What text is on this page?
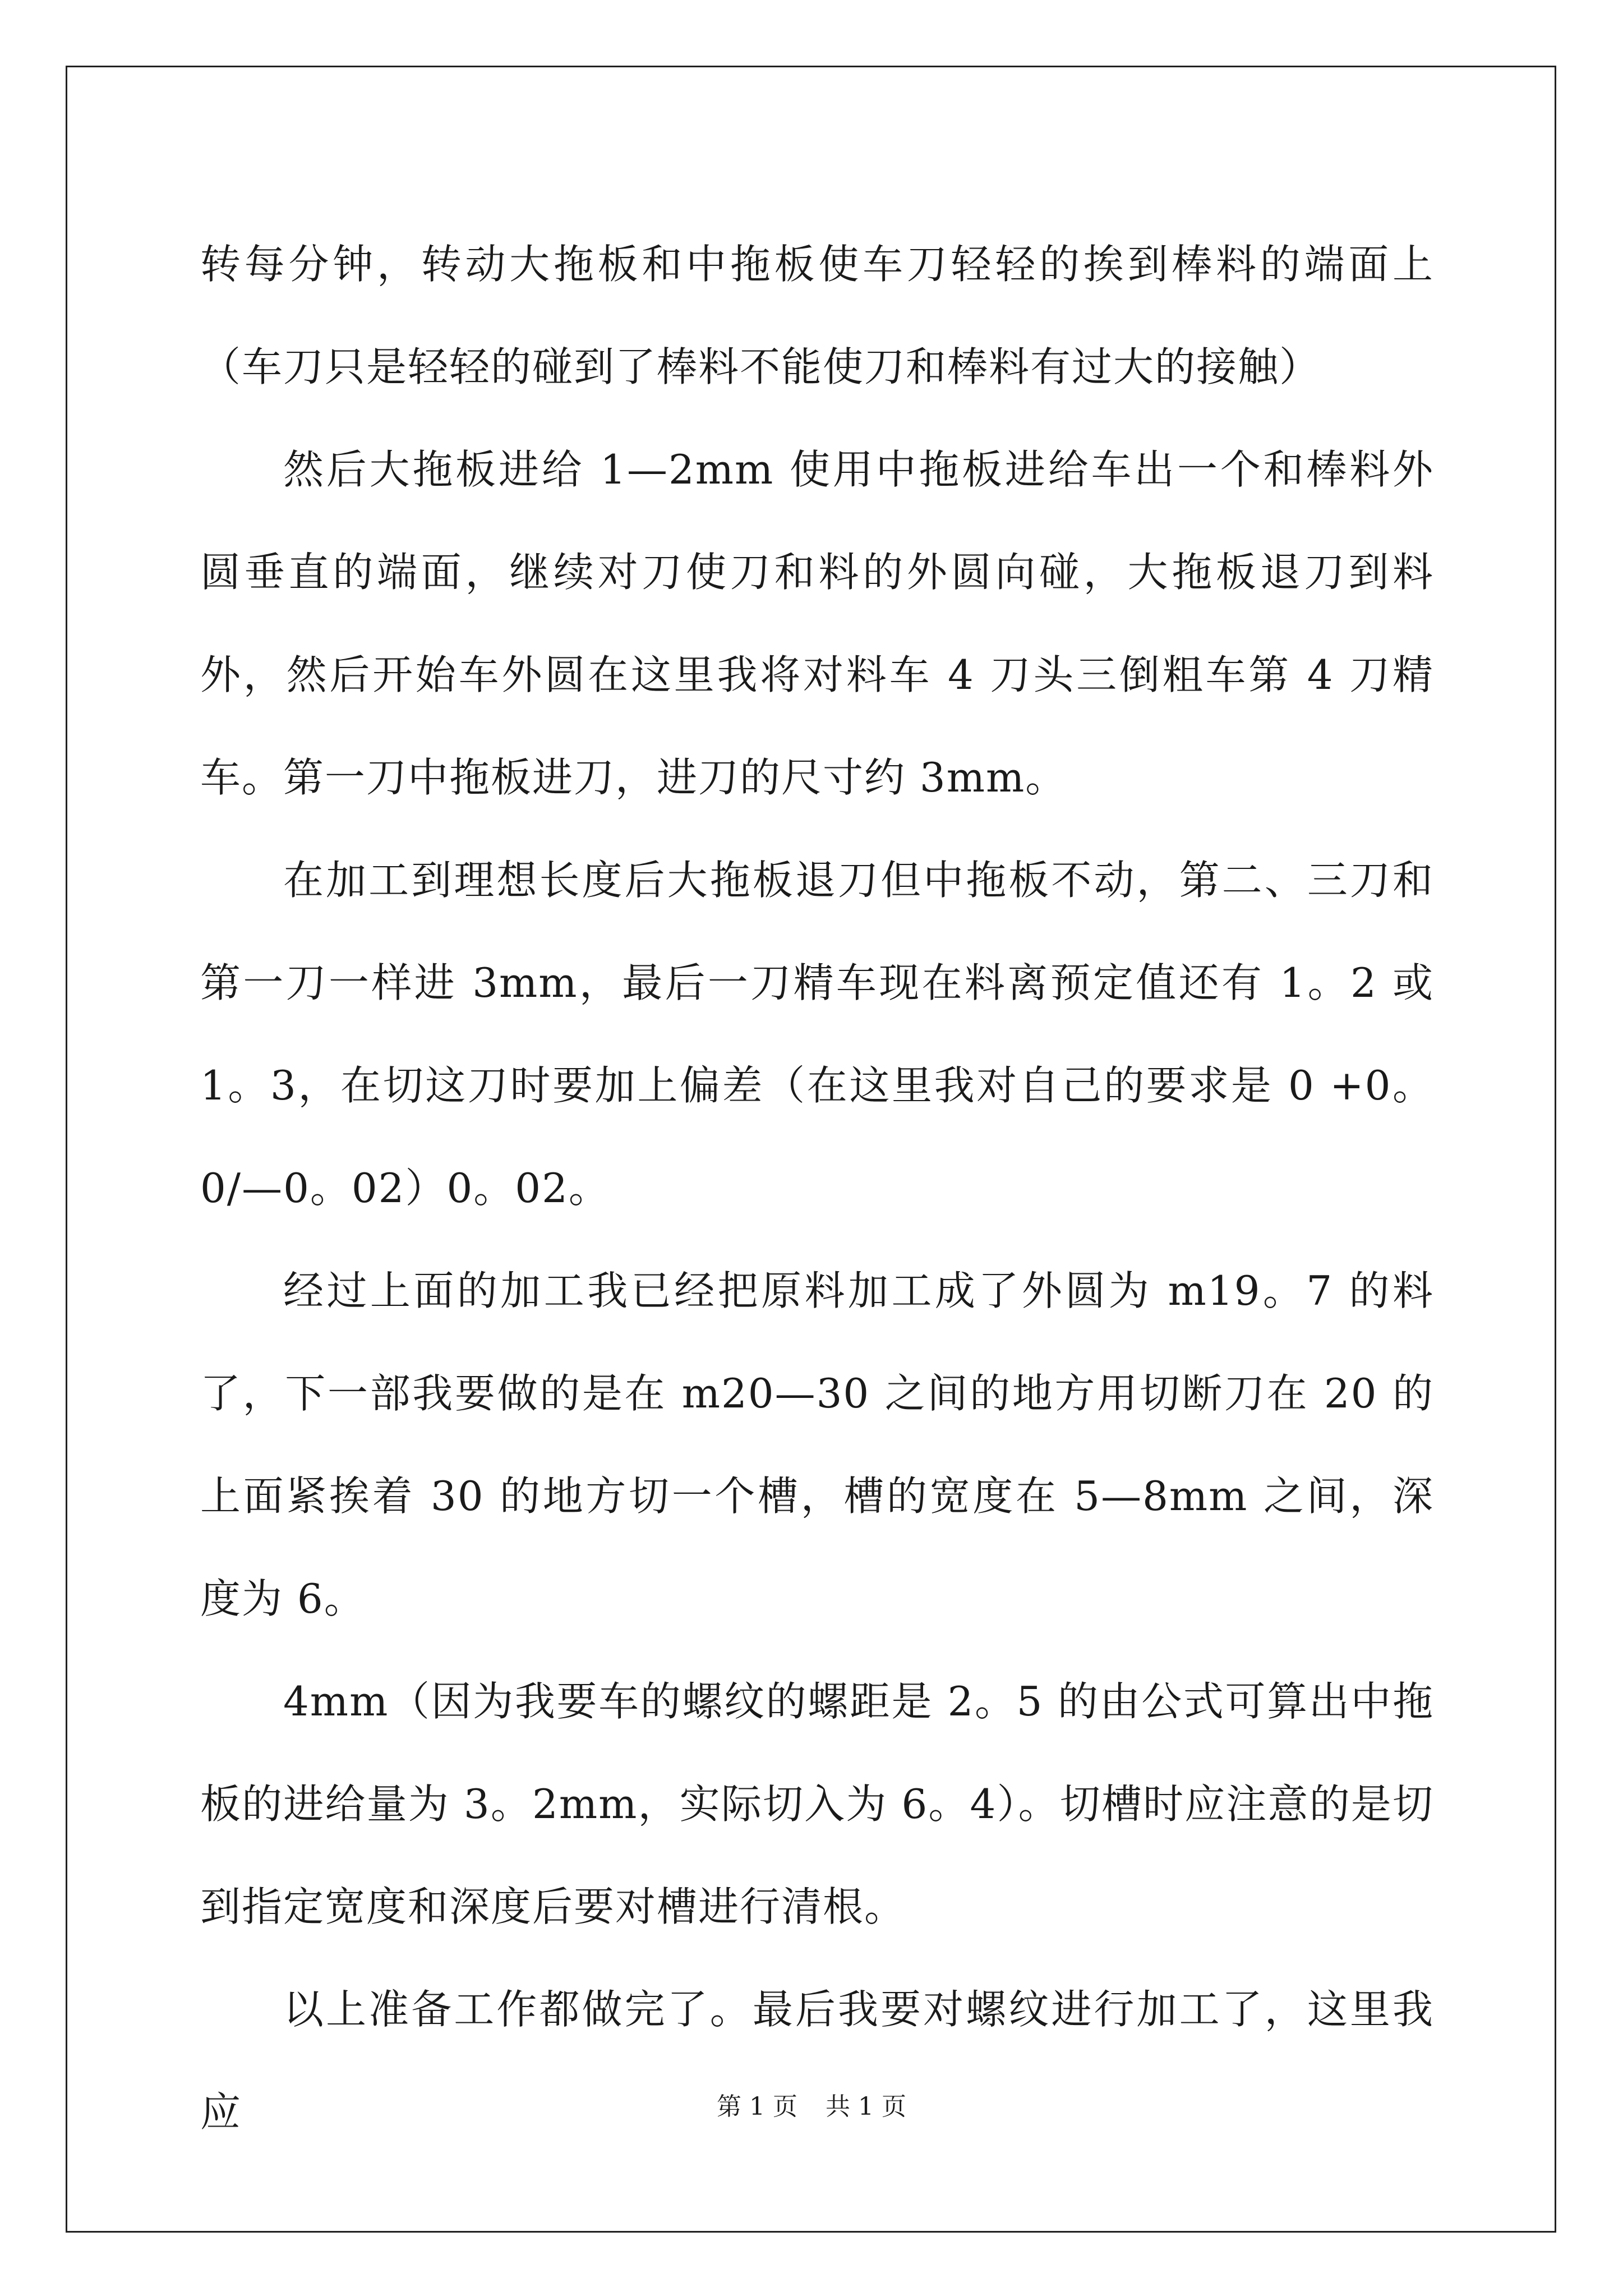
转每分钟，转动大拖板和中拖板使车刀轻轻的挨到棒料的端面上（车刀只是轻轻的碰到了棒料不能使刀和棒料有过大的接触）

然后大拖板进给 1—2mm 使用中拖板进给车出一个和棒料外圆垂直的端面，继续对刀使刀和料的外圆向碰，大拖板退刀到料外，然后开始车外圆在这里我将对料车 4 刀头三倒粗车第 4 刀精车。第一刀中拖板进刀，进刀的尺寸约 3mm。

在加工到理想长度后大拖板退刀但中拖板不动，第二、三刀和第一刀一样进 3mm，最后一刀精车现在料离预定值还有 1。2 或 1。3，在切这刀时要加上偏差（在这里我对自己的要求是 0 +0。0/—0。02）0。02。

经过上面的加工我已经把原料加工成了外圆为 m19。7 的料了，下一部我要做的是在 m20—30 之间的地方用切断刀在 20 的上面紧挨着 30 的地方切一个槽，槽的宽度在 5—8mm 之间，深度为 6。

4mm（因为我要车的螺纹的螺距是 2。5 的由公式可算出中拖板的进给量为 3。2mm，实际切入为 6。4）。切槽时应注意的是切到指定宽度和深度后要对槽进行清根。

以上准备工作都做完了。最后我要对螺纹进行加工了，这里我应	第 1 页 共 1 页
